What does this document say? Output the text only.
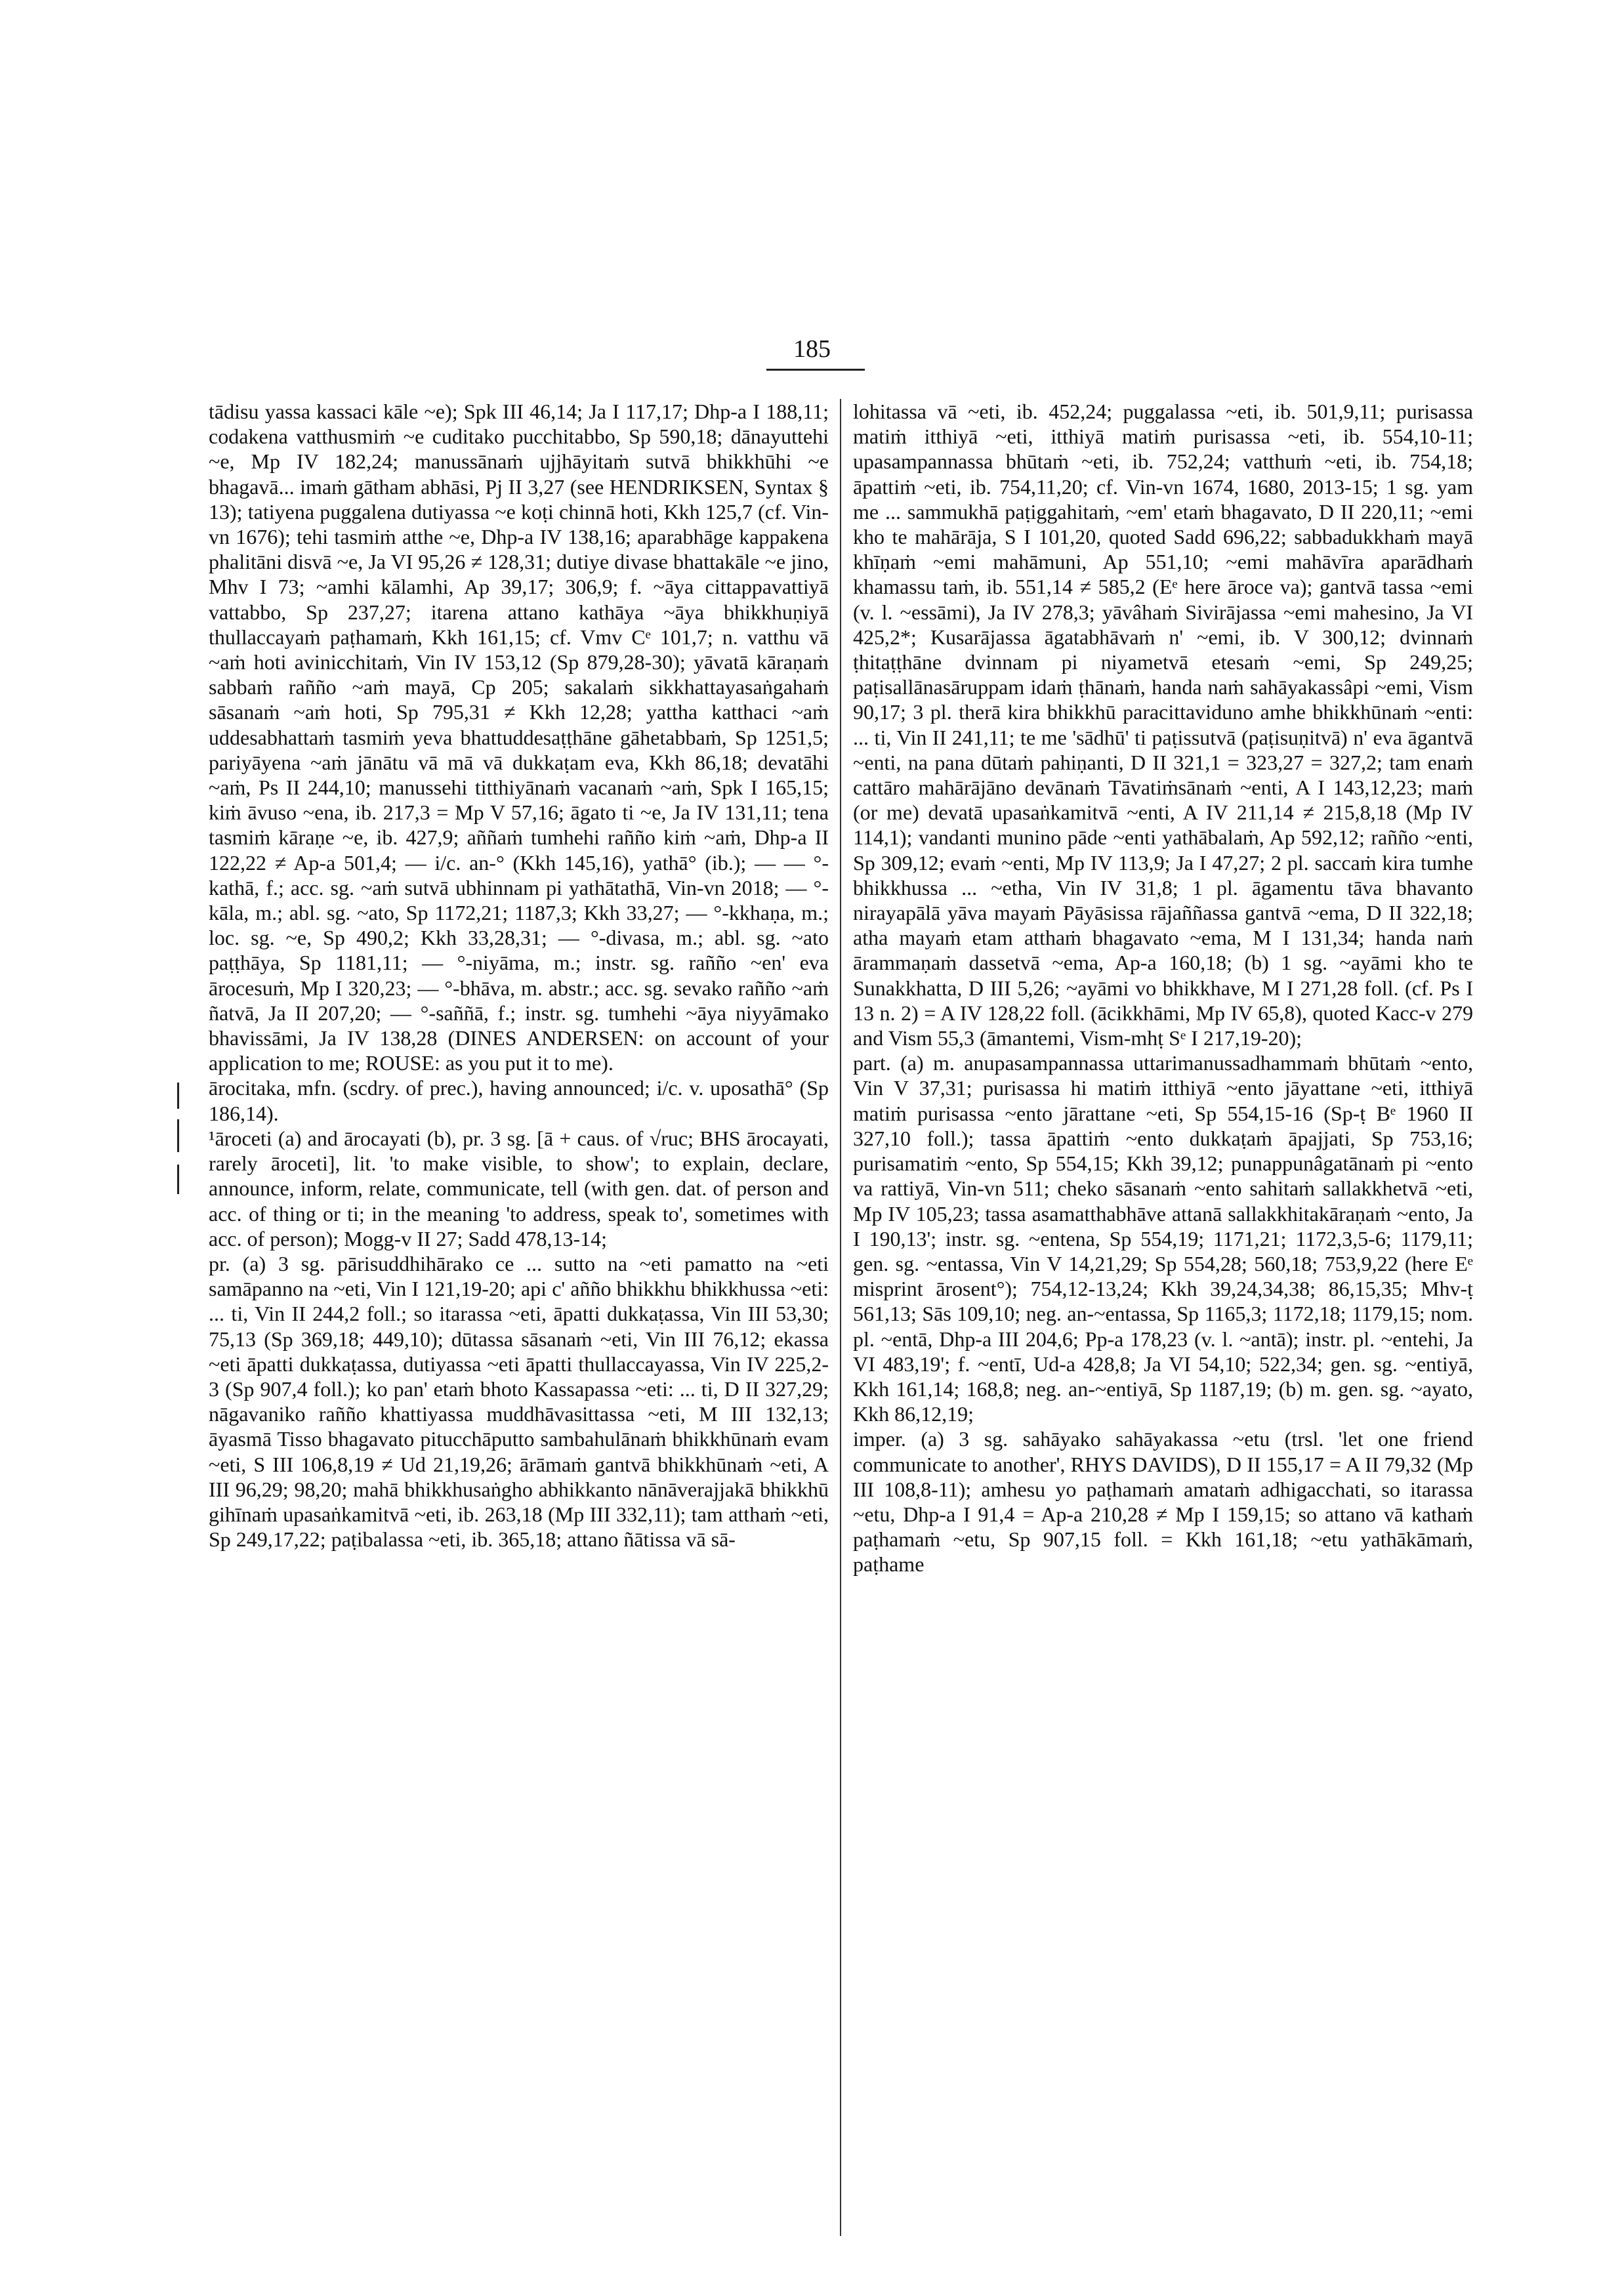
185

tādisu yassa kassaci kāle ~e); Spk III 46,14; Ja I 117,17; Dhp-a I 188,11; codakena vatthusmiṁ ~e cuditako pucchitabbo, Sp 590,18; dānayuttehi ~e, Mp IV 182,24; manussānaṁ ujjhāyitaṁ sutvā bhikkhūhi ~e bhagavā... imaṁ gātham abhāsi, Pj II 3,27 (see HENDRIKSEN, Syntax § 13); tatiyena puggalena dutiyassa ~e koṭi chinnā hoti, Kkh 125,7 (cf. Vin-vn 1676); tehi tasmiṁ atthe ~e, Dhp-a IV 138,16; aparabhāge kappakena phalitāni disvā ~e, Ja VI 95,26 ≠ 128,31; dutiye divase bhattakāle ~e jino, Mhv I 73; ~amhi kālamhi, Ap 39,17; 306,9; f. ~āya cittappavattiyā vattabbo, Sp 237,27; itarena attano kathāya ~āya bhikkhuṇiyā thullaccayaṁ paṭhamaṁ, Kkh 161,15; cf. Vmv Cᵉ 101,7; n. vatthu vā ~aṁ hoti avinicchitaṁ, Vin IV 153,12 (Sp 879,28-30); yāvatā kāraṇaṁ sabbaṁ rañño ~aṁ mayā, Cp 205; sakalaṁ sikkhattayasaṅgahaṁ sāsanaṁ ~aṁ hoti, Sp 795,31 ≠ Kkh 12,28; yattha katthaci ~aṁ uddesabhattaṁ tasmiṁ yeva bhattuddesaṭṭhāne gāhetabbaṁ, Sp 1251,5; pariyāyena ~aṁ jānātu vā mā vā dukkaṭam eva, Kkh 86,18; devatāhi ~aṁ, Ps II 244,10; manussehi titthiyānaṁ vacanaṁ ~aṁ, Spk I 165,15; kiṁ āvuso ~ena, ib. 217,3 = Mp V 57,16; āgato ti ~e, Ja IV 131,11; tena tasmiṁ kāraṇe ~e, ib. 427,9; aññaṁ tumhehi rañño kiṁ ~aṁ, Dhp-a II 122,22 ≠ Ap-a 501,4; — i/c. an-° (Kkh 145,16), yathā° (ib.); — — °-kathā, f.; acc. sg. ~aṁ sutvā ubhinnam pi yathātathā, Vin-vn 2018; — °-kāla, m.; abl. sg. ~ato, Sp 1172,21; 1187,3; Kkh 33,27; — °-kkhaṇa, m.; loc. sg. ~e, Sp 490,2; Kkh 33,28,31; — °-divasa, m.; abl. sg. ~ato paṭṭhāya, Sp 1181,11; — °-niyāma, m.; instr. sg. rañño ~en' eva ārocesuṁ, Mp I 320,23; — °-bhāva, m. abstr.; acc. sg. sevako rañño ~aṁ ñatvā, Ja II 207,20; — °-saññā, f.; instr. sg. tumhehi ~āya niyyāmako bhavissāmi, Ja IV 138,28 (DINES ANDERSEN: on account of your application to me; ROUSE: as you put it to me).
ārocitaka, mfn. (scdry. of prec.), having announced; i/c. v. uposathā° (Sp 186,14).
¹āroceti (a) and ārocayati (b), pr. 3 sg. [ā + caus. of √ruc; BHS ārocayati, rarely āroceti], lit. 'to make visible, to show'; to explain, declare, announce, inform, relate, communicate, tell (with gen. dat. of person and acc. of thing or ti; in the meaning 'to address, speak to', sometimes with acc. of person); Mogg-v II 27; Sadd 478,13-14;
pr. (a) 3 sg. pārisuddhihārako ce ... sutto na ~eti pamatto na ~eti samāpanno na ~eti, Vin I 121,19-20; api c' añño bhikkhu bhikkhussa ~eti: ... ti, Vin II 244,2 foll.; so itarassa ~eti, āpatti dukkaṭassa, Vin III 53,30; 75,13 (Sp 369,18; 449,10); dūtassa sāsanaṁ ~eti, Vin III 76,12; ekassa ~eti āpatti dukkaṭassa, dutiyassa ~eti āpatti thullaccayassa, Vin IV 225,2-3 (Sp 907,4 foll.); ko pan' etaṁ bhoto Kassapassa ~eti: ... ti, D II 327,29; nāgavaniko rañño khattiyassa muddhāvasittassa ~eti, M III 132,13; āyasmā Tisso bhagavato pitucchāputto sambahulānaṁ bhikkhūnaṁ evam ~eti, S III 106,8,19 ≠ Ud 21,19,26; ārāmaṁ gantvā bhikkhūnaṁ ~eti, A III 96,29; 98,20; mahā bhikkhusaṅgho abhikkanto nānāverajjakā bhikkhū gihīnaṁ upasaṅkamitvā ~eti, ib. 263,18 (Mp III 332,11); tam atthaṁ ~eti, Sp 249,17,22; paṭibalassa ~eti, ib. 365,18; attano ñātissa vā sā-

lohitassa vā ~eti, ib. 452,24; puggalassa ~eti, ib. 501,9,11; purisassa matiṁ itthiyā ~eti, itthiyā matiṁ purisassa ~eti, ib. 554,10-11; upasampannassa bhūtaṁ ~eti, ib. 752,24; vatthuṁ ~eti, ib. 754,18; āpattiṁ ~eti, ib. 754,11,20; cf. Vin-vn 1674, 1680, 2013-15; 1 sg. yam me ... sammukhā paṭiggahitaṁ, ~em' etaṁ bhagavato, D II 220,11; ~emi kho te mahārāja, S I 101,20, quoted Sadd 696,22; sabbadukkhaṁ mayā khīṇaṁ ~emi mahāmuni, Ap 551,10; ~emi mahāvīra aparādhaṁ khamassu taṁ, ib. 551,14 ≠ 585,2 (Eᵉ here āroce va); gantvā tassa ~emi (v. l. ~essāmi), Ja IV 278,3; yāvâhaṁ Sivirājassa ~emi mahesino, Ja VI 425,2*; Kusarājassa āgatabhāvaṁ n' ~emi, ib. V 300,12; dvinnaṁ ṭhitaṭṭhāne dvinnam pi niyametvā etesaṁ ~emi, Sp 249,25; paṭisallānasāruppam idaṁ ṭhānaṁ, handa naṁ sahāyakassâpi ~emi, Vism 90,17; 3 pl. therā kira bhikkhū paracittaviduno amhe bhikkhūnaṁ ~enti: ... ti, Vin II 241,11; te me 'sādhū' ti paṭissutvā (paṭisuṇitvā) n' eva āgantvā ~enti, na pana dūtaṁ pahiṇanti, D II 321,1 = 323,27 = 327,2; tam enaṁ cattāro mahārājāno devānaṁ Tāvatiṁsānaṁ ~enti, A I 143,12,23; maṁ (or me) devatā upasaṅkamitvā ~enti, A IV 211,14 ≠ 215,8,18 (Mp IV 114,1); vandanti munino pāde ~enti yathābalaṁ, Ap 592,12; rañño ~enti, Sp 309,12; evaṁ ~enti, Mp IV 113,9; Ja I 47,27; 2 pl. saccaṁ kira tumhe bhikkhussa ... ~etha, Vin IV 31,8; 1 pl. āgamentu tāva bhavanto nirayapālā yāva mayaṁ Pāyāsissa rājaññassa gantvā ~ema, D II 322,18; atha mayaṁ etam atthaṁ bhagavato ~ema, M I 131,34; handa naṁ ārammaṇaṁ dassetvā ~ema, Ap-a 160,18; (b) 1 sg. ~ayāmi kho te Sunakkhatta, D III 5,26; ~ayāmi vo bhikkhave, M I 271,28 foll. (cf. Ps I 13 n. 2) = A IV 128,22 foll. (ācikkhāmi, Mp IV 65,8), quoted Kacc-v 279 and Vism 55,3 (āmantemi, Vism-mhṭ Sᵉ I 217,19-20);
part. (a) m. anupasampannassa uttarimanussadhammaṁ bhūtaṁ ~ento, Vin V 37,31; purisassa hi matiṁ itthiyā ~ento jāyattane ~eti, itthiyā matiṁ purisassa ~ento jārattane ~eti, Sp 554,15-16 (Sp-ṭ Bᵉ 1960 II 327,10 foll.); tassa āpattiṁ ~ento dukkaṭaṁ āpajjati, Sp 753,16; purisamatiṁ ~ento, Sp 554,15; Kkh 39,12; punappunâgatānaṁ pi ~ento va rattiyā, Vin-vn 511; cheko sāsanaṁ ~ento sahitaṁ sallakkhetvā ~eti, Mp IV 105,23; tassa asamatthabhāve attanā sallakkhitakāraṇaṁ ~ento, Ja I 190,13'; instr. sg. ~entena, Sp 554,19; 1171,21; 1172,3,5-6; 1179,11; gen. sg. ~entassa, Vin V 14,21,29; Sp 554,28; 560,18; 753,9,22 (here Eᵉ misprint ārosent°); 754,12-13,24; Kkh 39,24,34,38; 86,15,35; Mhv-ṭ 561,13; Sās 109,10; neg. an-~entassa, Sp 1165,3; 1172,18; 1179,15; nom. pl. ~entā, Dhp-a III 204,6; Pp-a 178,23 (v. l. ~antā); instr. pl. ~entehi, Ja VI 483,19'; f. ~entī, Ud-a 428,8; Ja VI 54,10; 522,34; gen. sg. ~entiyā, Kkh 161,14; 168,8; neg. an-~entiyā, Sp 1187,19; (b) m. gen. sg. ~ayato, Kkh 86,12,19;
imper. (a) 3 sg. sahāyako sahāyakassa ~etu (trsl. 'let one friend communicate to another', RHYS DAVIDS), D II 155,17 = A II 79,32 (Mp III 108,8-11); amhesu yo paṭhamaṁ amataṁ adhigacchati, so itarassa ~etu, Dhp-a I 91,4 = Ap-a 210,28 ≠ Mp I 159,15; so attano vā kathaṁ paṭhamaṁ ~etu, Sp 907,15 foll. = Kkh 161,18; ~etu yathākāmaṁ, paṭhame
